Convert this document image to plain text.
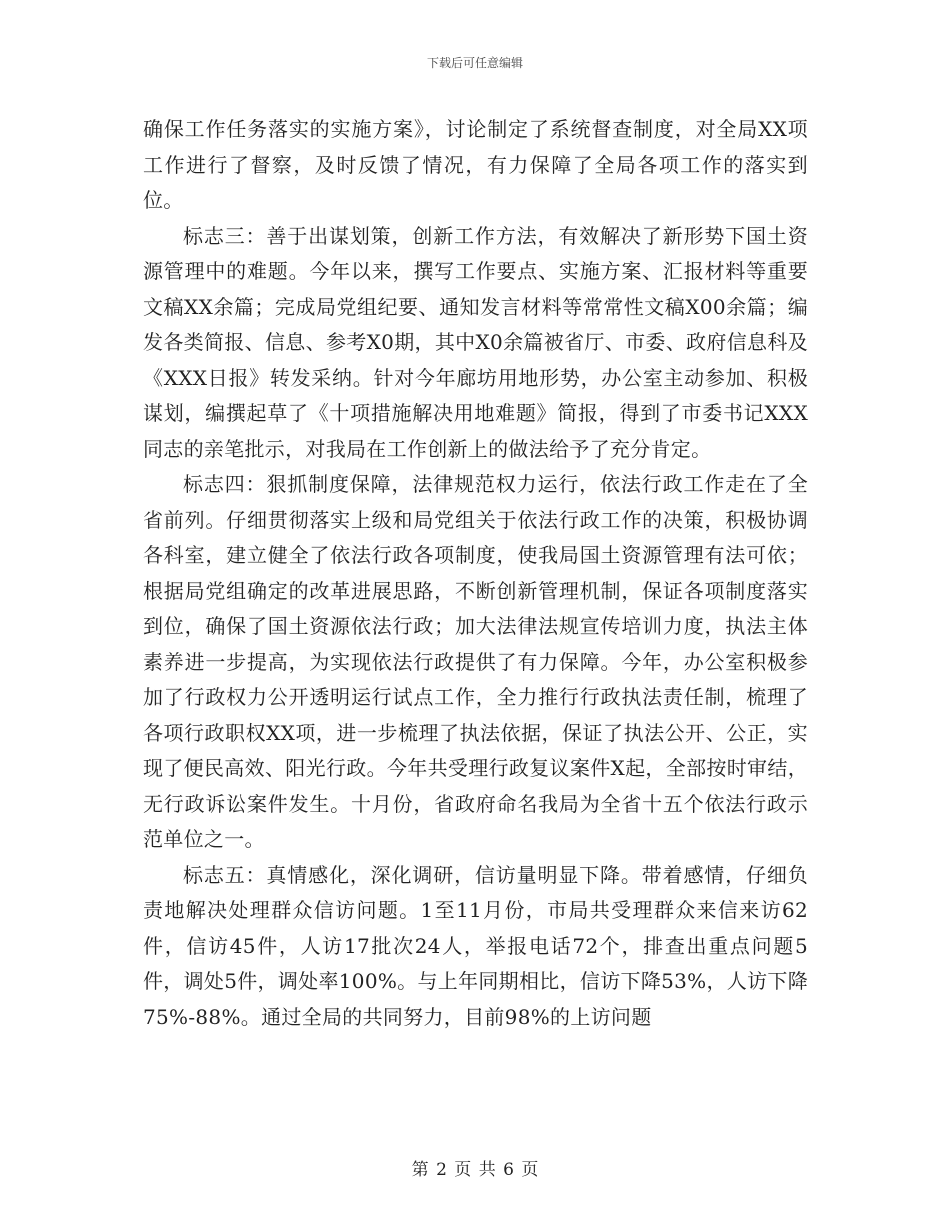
下载后可任意编辑

确保工作任务落实的实施方案》，讨论制定了系统督查制度，对全局XX项工作进行了督察，及时反馈了情况，有力保障了全局各项工作的落实到位。

标志三：善于出谋划策，创新工作方法，有效解决了新形势下国土资源管理中的难题。今年以来，撰写工作要点、实施方案、汇报材料等重要文稿XX余篇；完成局党组纪要、通知发言材料等常常性文稿X00余篇；编发各类简报、信息、参考X0期，其中X0余篇被省厅、市委、政府信息科及《XXX日报》转发采纳。针对今年廊坊用地形势，办公室主动参加、积极谋划，编撰起草了《十项措施解决用地难题》简报，得到了市委书记XXX同志的亲笔批示，对我局在工作创新上的做法给予了充分肯定。

标志四：狠抓制度保障，法律规范权力运行，依法行政工作走在了全省前列。仔细贯彻落实上级和局党组关于依法行政工作的决策，积极协调各科室，建立健全了依法行政各项制度，使我局国土资源管理有法可依；根据局党组确定的改革进展思路，不断创新管理机制，保证各项制度落实到位，确保了国土资源依法行政；加大法律法规宣传培训力度，执法主体素养进一步提高，为实现依法行政提供了有力保障。今年，办公室积极参加了行政权力公开透明运行试点工作，全力推行行政执法责任制，梳理了各项行政职权XX项，进一步梳理了执法依据，保证了执法公开、公正，实现了便民高效、阳光行政。今年共受理行政复议案件X起，全部按时审结，无行政诉讼案件发生。十月份，省政府命名我局为全省十五个依法行政示范单位之一。

标志五：真情感化，深化调研，信访量明显下降。带着感情，仔细负责地解决处理群众信访问题。1至11月份，市局共受理群众来信来访62件，信访45件，人访17批次24人，举报电话72个，排查出重点问题5件，调处5件，调处率100%。与上年同期相比，信访下降53%，人访下降75%-88%。通过全局的共同努力，目前98%的上访问题

第 2 页 共 6 页
